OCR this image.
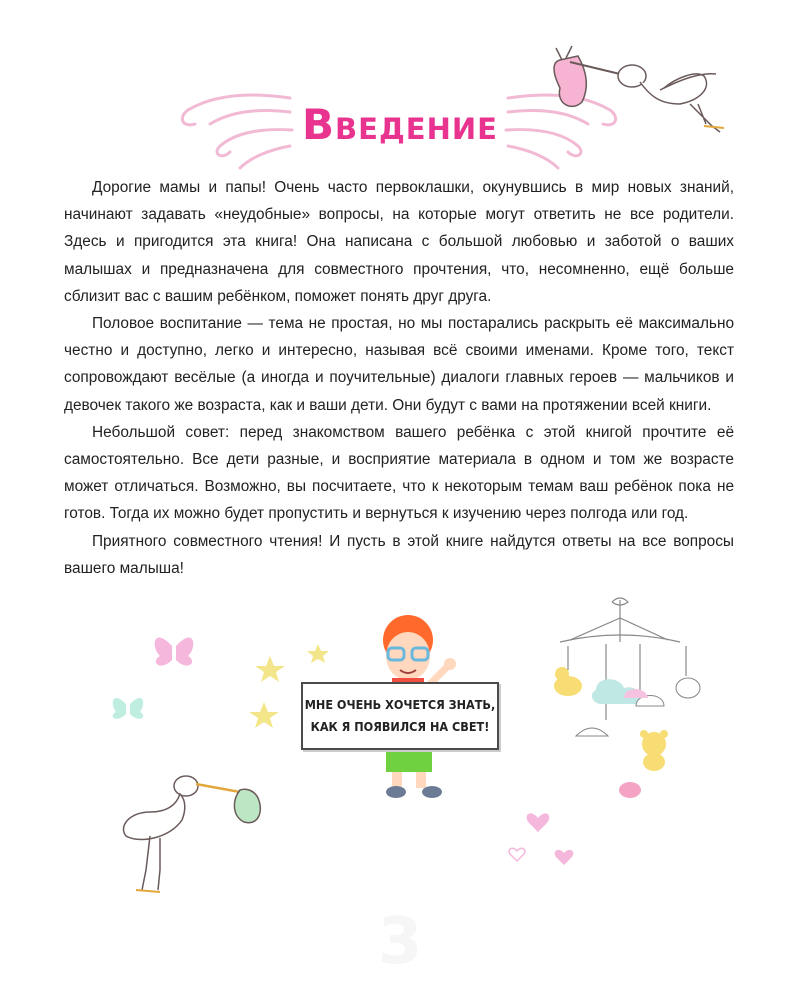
Введение

Дорогие мамы и папы! Очень часто первоклашки, окунувшись в мир новых знаний, начинают задавать «неудобные» вопросы, на которые могут ответить не все родители. Здесь и пригодится эта книга! Она написана с большой любовью и заботой о ваших малышах и предназначена для совместного прочтения, что, несомненно, ещё больше сблизит вас с вашим ребёнком, поможет понять друг друга.

Половое воспитание — тема не простая, но мы постарались раскрыть её максимально честно и доступно, легко и интересно, называя всё своими именами. Кроме того, текст сопровождают весёлые (а иногда и поучительные) диалоги главных героев — мальчиков и девочек такого же возраста, как и ваши дети. Они будут с вами на протяжении всей книги.

Небольшой совет: перед знакомством вашего ребёнка с этой книгой прочтите её самостоятельно. Все дети разные, и восприятие материала в одном и том же возрасте может отличаться. Возможно, вы посчитаете, что к некоторым темам ваш ребёнок пока не готов. Тогда их можно будет пропустить и вернуться к изучению через полгода или год.

Приятного совместного чтения! И пусть в этой книге найдутся ответы на все вопросы вашего малыша!

МНЕ ОЧЕНЬ ХОЧЕТСЯ ЗНАТЬ,
КАК Я ПОЯВИЛСЯ НА СВЕТ!
3
